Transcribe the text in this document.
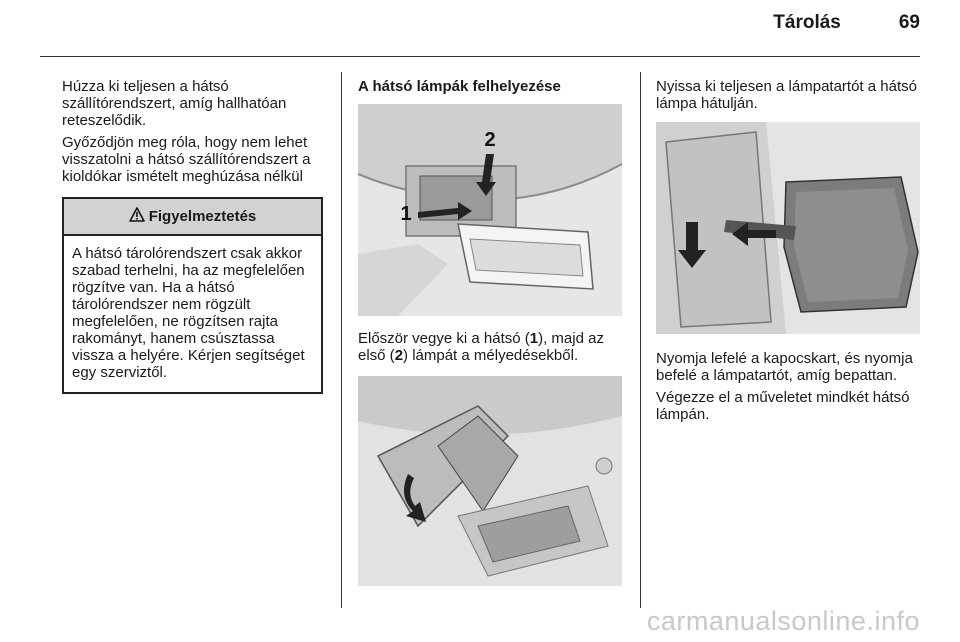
Tárolás	69

Húzza ki teljesen a hátsó szállítórendszert, amíg hallhatóan reteszelődik.

Győződjön meg róla, hogy nem lehet visszatolni a hátsó szállítórendszert a kioldókar ismételt meghúzása nélkül

Figyelmeztetés
A hátsó tárolórendszert csak akkor szabad terhelni, ha az megfelelően rögzítve van. Ha a hátsó tárolórendszer nem rögzült megfelelően, ne rögzítsen rajta rakományt, hanem csúsztassa vissza a helyére. Kérjen segítséget egy szerviztől.

A hátsó lámpák felhelyezése

1
2

Először vegye ki a hátsó (1), majd az első (2) lámpát a mélyedésekből.

Nyissa ki teljesen a lámpatartót a hátsó lámpa hátulján.

Nyomja lefelé a kapocskart, és nyomja befelé a lámpatartót, amíg bepattan.

Végezze el a műveletet mindkét hátsó lámpán.

carmanualsonline.info
